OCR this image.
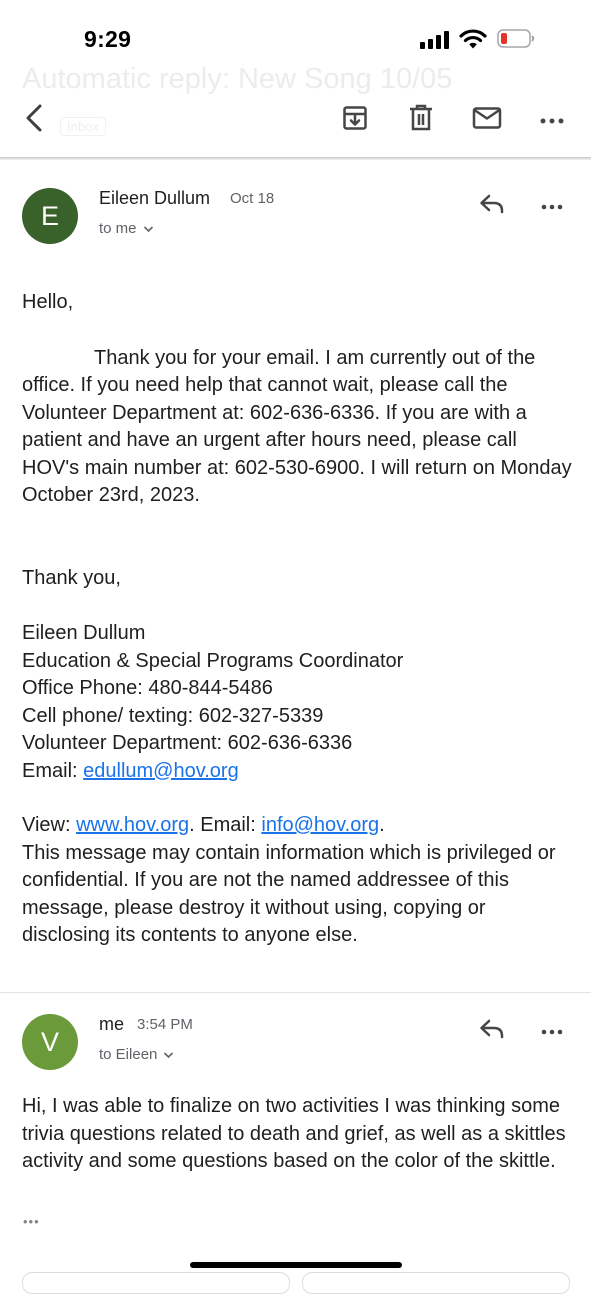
9:29
Automatic reply: New Song 10/05
Inbox
E
Eileen Dullum Oct 18
to me

Hello,

Thank you for your email. I am currently out of the office. If you need help that cannot wait, please call the Volunteer Department at: 602-636-6336. If you are with a patient and have an urgent after hours need, please call HOV's main number at: 602-530-6900. I will return on Monday October 23rd, 2023.

Thank you,

Eileen Dullum

Education & Special Programs Coordinator

Office Phone: 480-844-5486

Cell phone/ texting: 602-327-5339

Volunteer Department: 602-636-6336

Email: edullum@hov.org

View: www.hov.org. Email: info@hov.org.

This message may contain information which is privileged or confidential. If you are not the named addressee of this message, please destroy it without using, copying or disclosing its contents to anyone else.

V
me 3:54 PM
to Eileen

Hi, I was able to finalize on two activities I was thinking some trivia questions related to death and grief, as well as a skittles activity and some questions based on the color of the skittle.

•••
